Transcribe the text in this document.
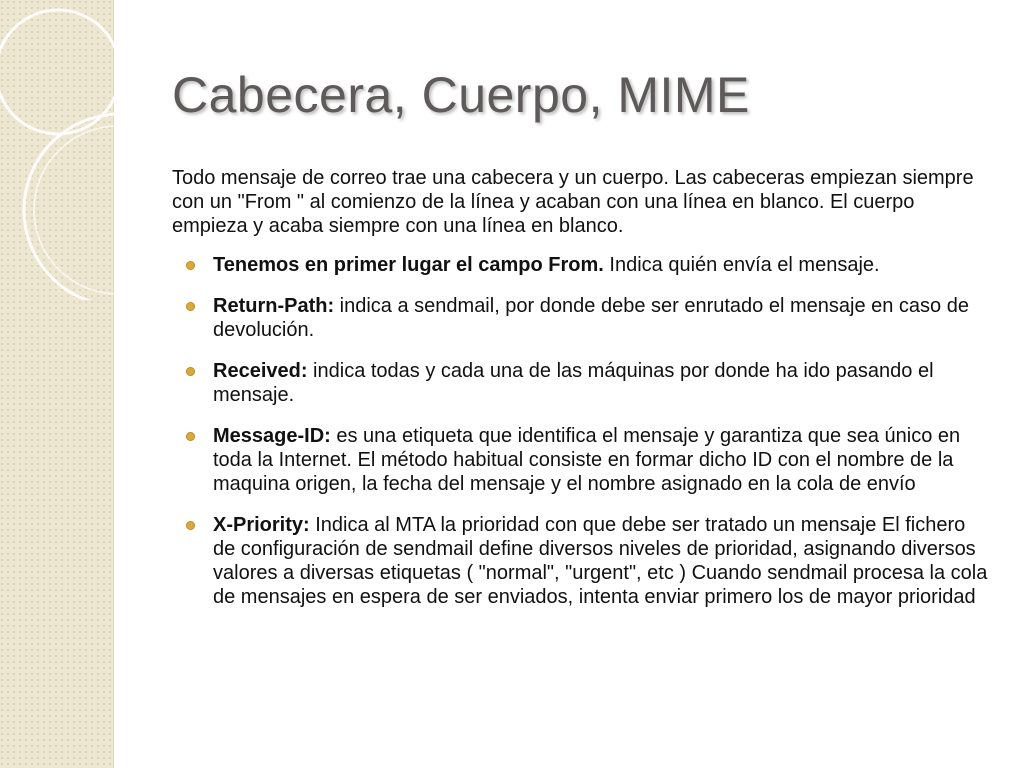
Cabecera, Cuerpo, MIME

Todo mensaje de correo trae una cabecera y un cuerpo. Las cabeceras empiezan siempre con un "From " al comienzo de la línea y acaban con una línea en blanco. El cuerpo empieza y acaba siempre con una línea en blanco.

Tenemos en primer lugar el campo From. Indica quién envía el mensaje.
Return-Path: indica a sendmail, por donde debe ser enrutado el mensaje en caso de devolución.
Received: indica todas y cada una de las máquinas por donde ha ido pasando el mensaje.
Message-ID: es una etiqueta que identifica el mensaje y garantiza que sea único en toda la Internet. El método habitual consiste en formar dicho ID con el nombre de la maquina origen, la fecha del mensaje y el nombre asignado en la cola de envío
X-Priority: Indica al MTA la prioridad con que debe ser tratado un mensaje El fichero de configuración de sendmail define diversos niveles de prioridad, asignando diversos valores a diversas etiquetas ( "normal", "urgent", etc ) Cuando sendmail procesa la cola de mensajes en espera de ser enviados, intenta enviar primero los de mayor prioridad
